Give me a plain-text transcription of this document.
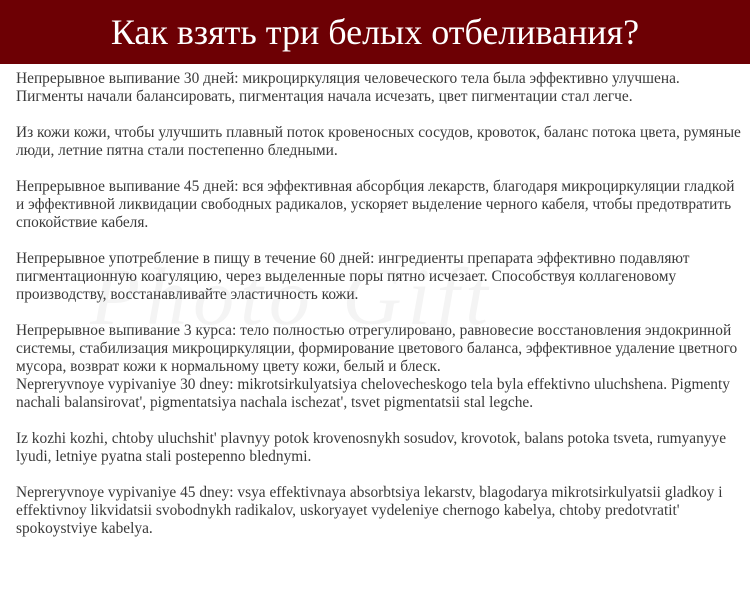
Как взять три белых отбеливания?

Непрерывное выпивание 30 дней: микроциркуляция человеческого тела была эффективно улучшена. Пигменты начали балансировать, пигментация начала исчезать, цвет пигментации стал легче.

Из кожи кожи, чтобы улучшить плавный поток кровеносных сосудов, кровоток, баланс потока цвета, румяные люди, летние пятна стали постепенно бледными.

Непрерывное выпивание 45 дней: вся эффективная абсорбция лекарств, благодаря микроциркуляции гладкой и эффективной ликвидации свободных радикалов, ускоряет выделение черного кабеля, чтобы предотвратить спокойствие кабеля.

Непрерывное употребление в пищу в течение 60 дней: ингредиенты препарата эффективно подавляют пигментационную коагуляцию, через выделенные поры пятно исчезает. Способствуя коллагеновому производству, восстанавливайте эластичность кожи.

Непрерывное выпивание 3 курса: тело полностью отрегулировано, равновесие восстановления эндокринной системы, стабилизация микроциркуляции, формирование цветового баланса, эффективное удаление цветного мусора, возврат кожи к нормальному цвету кожи, белый и блеск.

Nepreryvnoye vypivaniye 30 dney: mikrotsirkulyatsiya chelovecheskogo tela byla effektivno uluchshena. Pigmenty nachali balansirovat', pigmentatsiya nachala ischezat', tsvet pigmentatsii stal legche.

Iz kozhi kozhi, chtoby uluchshit' plavnyy potok krovenosnykh sosudov, krovotok, balans potoka tsveta, rumyanyye lyudi, letniye pyatna stali postepenno blednymi.

Nepreryvnoye vypivaniye 45 dney: vsya effektivnaya absorbtsiya lekarstv, blagodarya mikrotsirkulyatsii gladkoy i effektivnoy likvidatsii svobodnykh radikalov, uskoryayet vydeleniye chernogo kabelya, chtoby predotvratit' spokoystviye kabelya.
